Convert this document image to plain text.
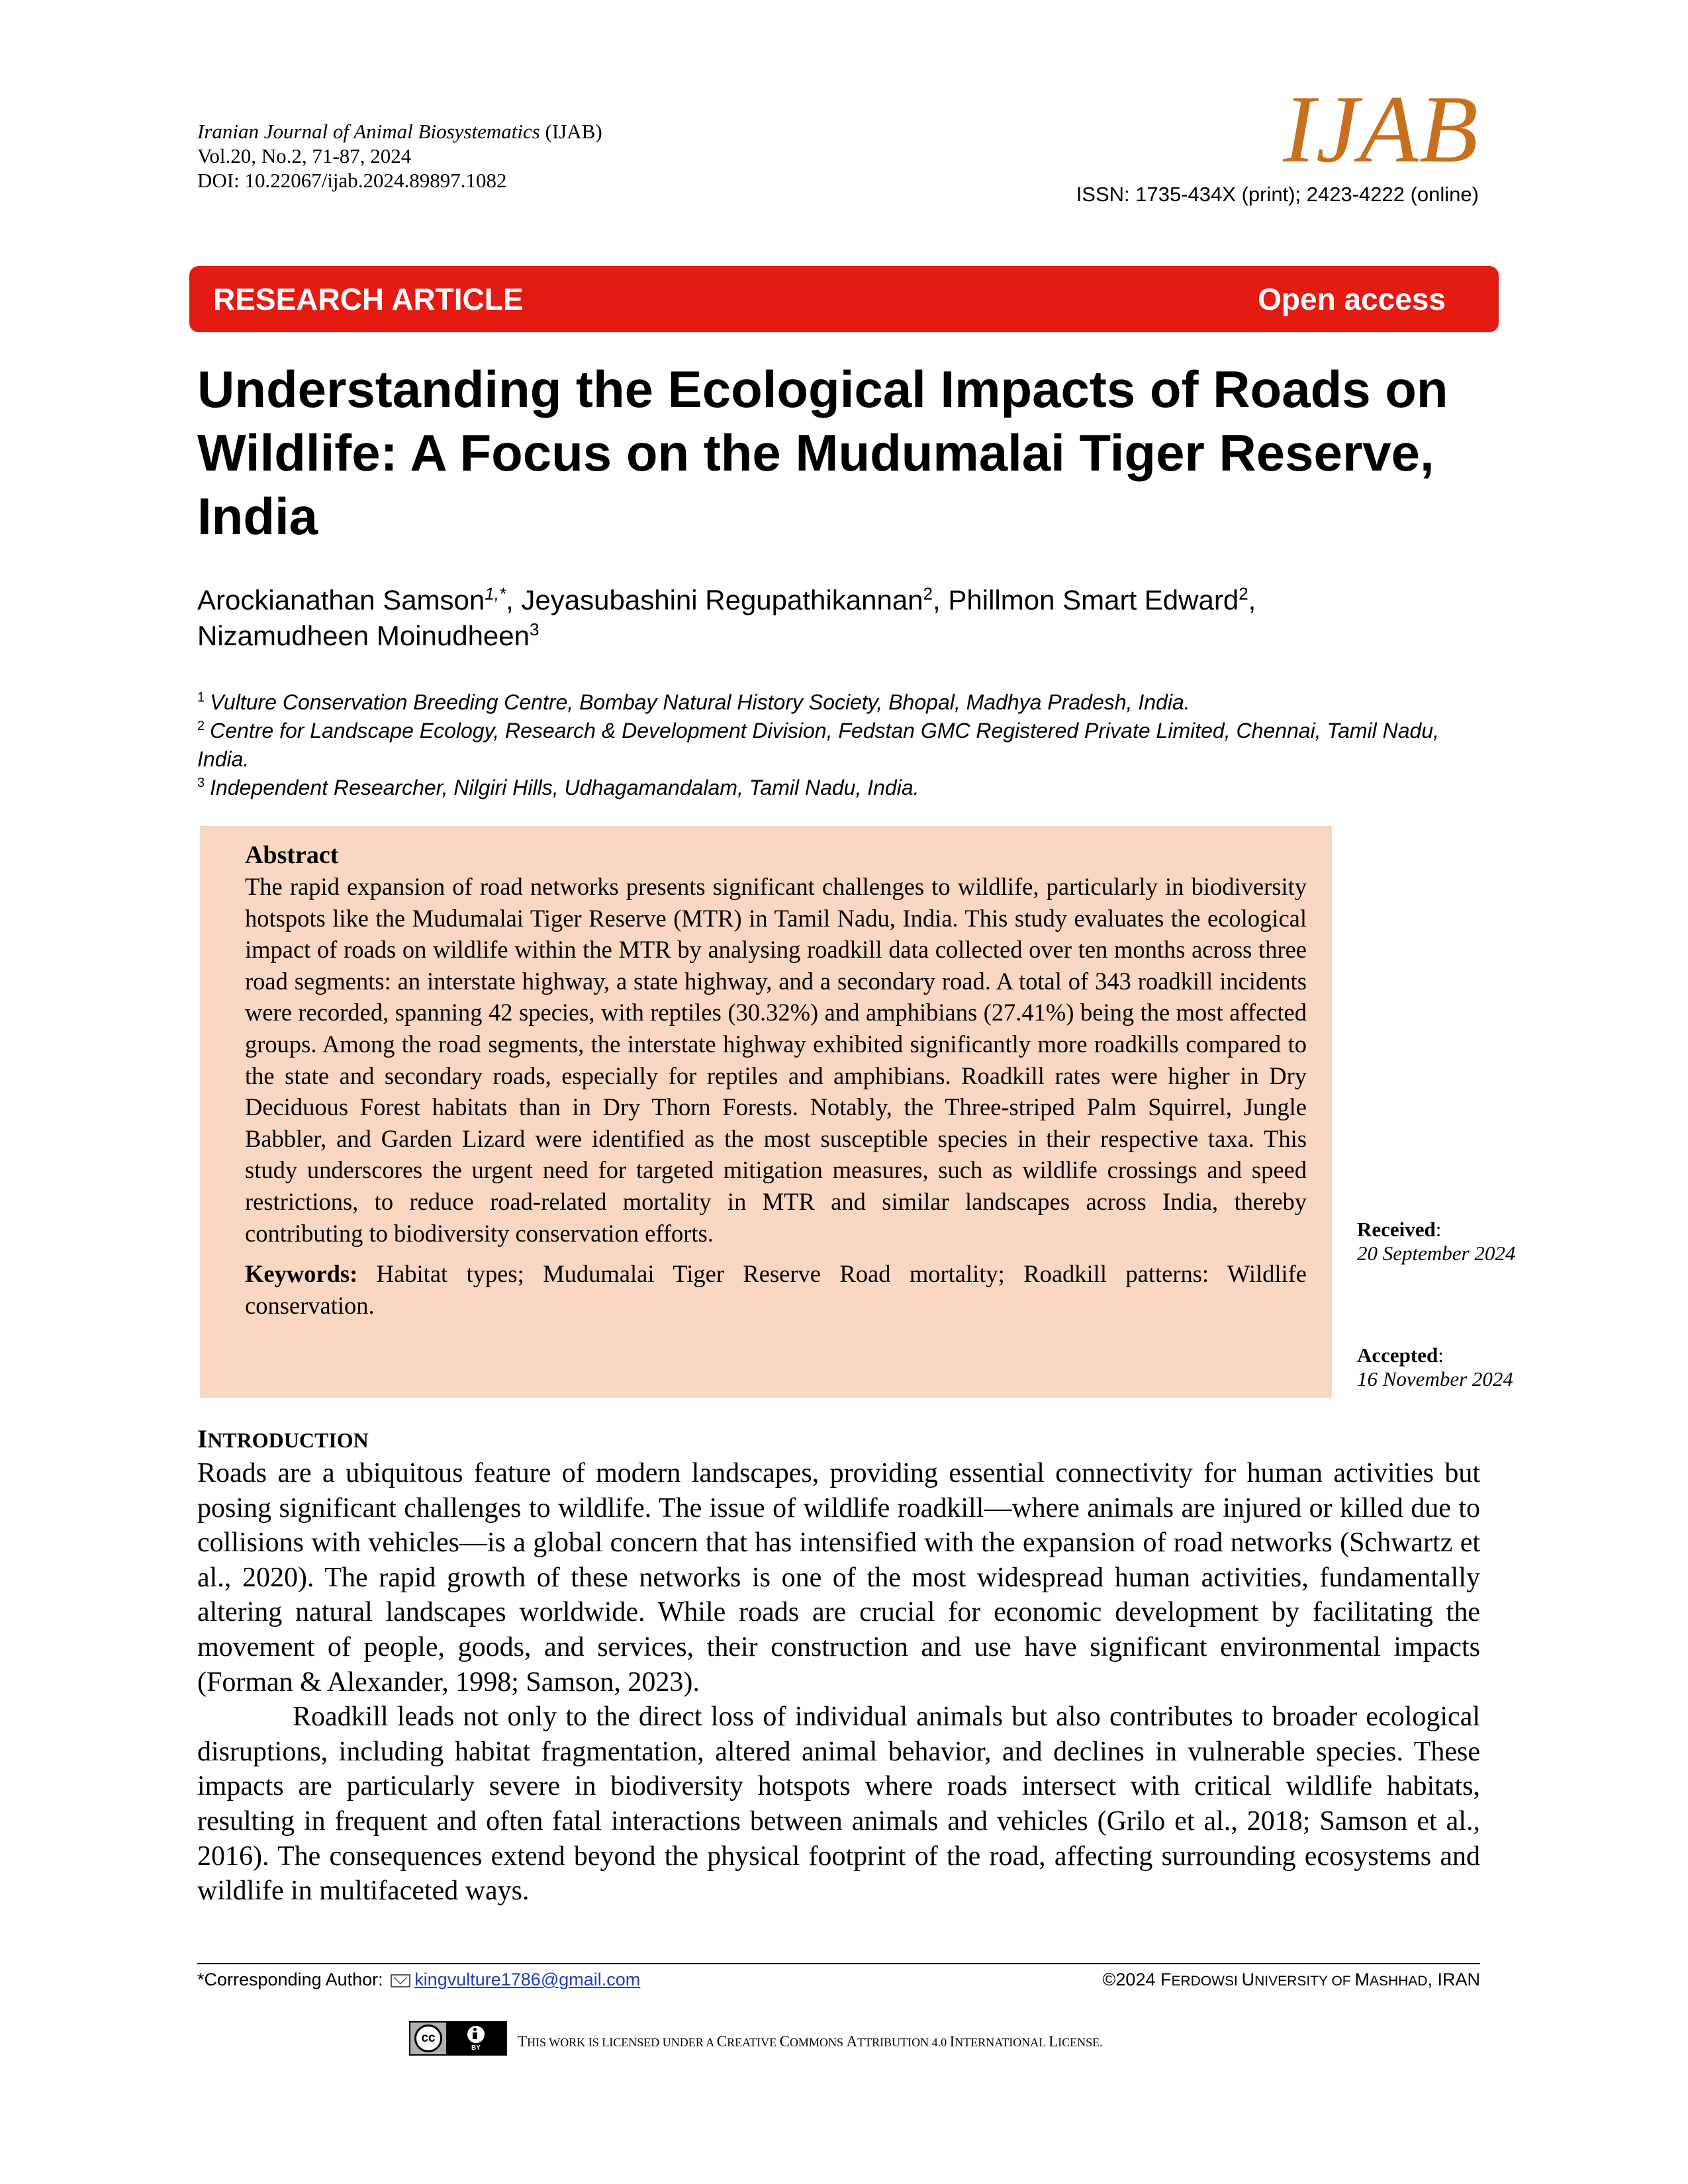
Iranian Journal of Animal Biosystematics (IJAB)
Vol.20, No.2, 71-87, 2024
DOI: 10.22067/ijab.2024.89897.1082	IJAB
ISSN: 1735-434X (print); 2423-4222 (online)
RESEARCH ARTICLE	Open access
Understanding the Ecological Impacts of Roads on Wildlife: A Focus on the Mudumalai Tiger Reserve, India
Arockianathan Samson$^{1,*}$, Jeyasubashini Regupathikannan$^2$, Phillmon Smart Edward$^2$,
Nizamudheen Moinudheen$^3$
$^1$ Vulture Conservation Breeding Centre, Bombay Natural History Society, Bhopal, Madhya Pradesh, India.
$^2$ Centre for Landscape Ecology, Research & Development Division, Fedstan GMC Registered Private Limited, Chennai, Tamil Nadu, India.
$^3$ Independent Researcher, Nilgiri Hills, Udhagamandalam, Tamil Nadu, India.
Abstract
The rapid expansion of road networks presents significant challenges to wildlife, particularly in biodiversity hotspots like the Mudumalai Tiger Reserve (MTR) in Tamil Nadu, India. This study evaluates the ecological impact of roads on wildlife within the MTR by analysing roadkill data collected over ten months across three road segments: an interstate highway, a state highway, and a secondary road. A total of 343 roadkill incidents were recorded, spanning 42 species, with reptiles (30.32%) and amphibians (27.41%) being the most affected groups. Among the road segments, the interstate highway exhibited significantly more roadkills compared to the state and secondary roads, especially for reptiles and amphibians. Roadkill rates were higher in Dry Deciduous Forest habitats than in Dry Thorn Forests. Notably, the Three-striped Palm Squirrel, Jungle Babbler, and Garden Lizard were identified as the most susceptible species in their respective taxa. This study underscores the urgent need for targeted mitigation measures, such as wildlife crossings and speed restrictions, to reduce road-related mortality in MTR and similar landscapes across India, thereby contributing to biodiversity conservation efforts.
Keywords: Habitat types; Mudumalai Tiger Reserve Road mortality; Roadkill patterns: Wildlife conservation.
Received:
20 September 2024
Accepted:
16 November 2024
INTRODUCTION

Roads are a ubiquitous feature of modern landscapes, providing essential connectivity for human activities but posing significant challenges to wildlife. The issue of wildlife roadkill—where animals are injured or killed due to collisions with vehicles—is a global concern that has intensified with the expansion of road networks (Schwartz et al., 2020). The rapid growth of these networks is one of the most widespread human activities, fundamentally altering natural landscapes worldwide. While roads are crucial for economic development by facilitating the movement of people, goods, and services, their construction and use have significant environmental impacts (Forman & Alexander, 1998; Samson, 2023).

Roadkill leads not only to the direct loss of individual animals but also contributes to broader ecological disruptions, including habitat fragmentation, altered animal behavior, and declines in vulnerable species. These impacts are particularly severe in biodiversity hotspots where roads intersect with critical wildlife habitats, resulting in frequent and often fatal interactions between animals and vehicles (Grilo et al., 2018; Samson et al., 2016). The consequences extend beyond the physical footprint of the road, affecting surrounding ecosystems and wildlife in multifaceted ways.

*Corresponding Author: kingvulture1786@gmail.com	©2024 FERDOWSI UNIVERSITY OF MASHHAD, IRAN
cc
BY THIS WORK IS LICENSED UNDER A CREATIVE COMMONS ATTRIBUTION 4.0 INTERNATIONAL LICENSE.
